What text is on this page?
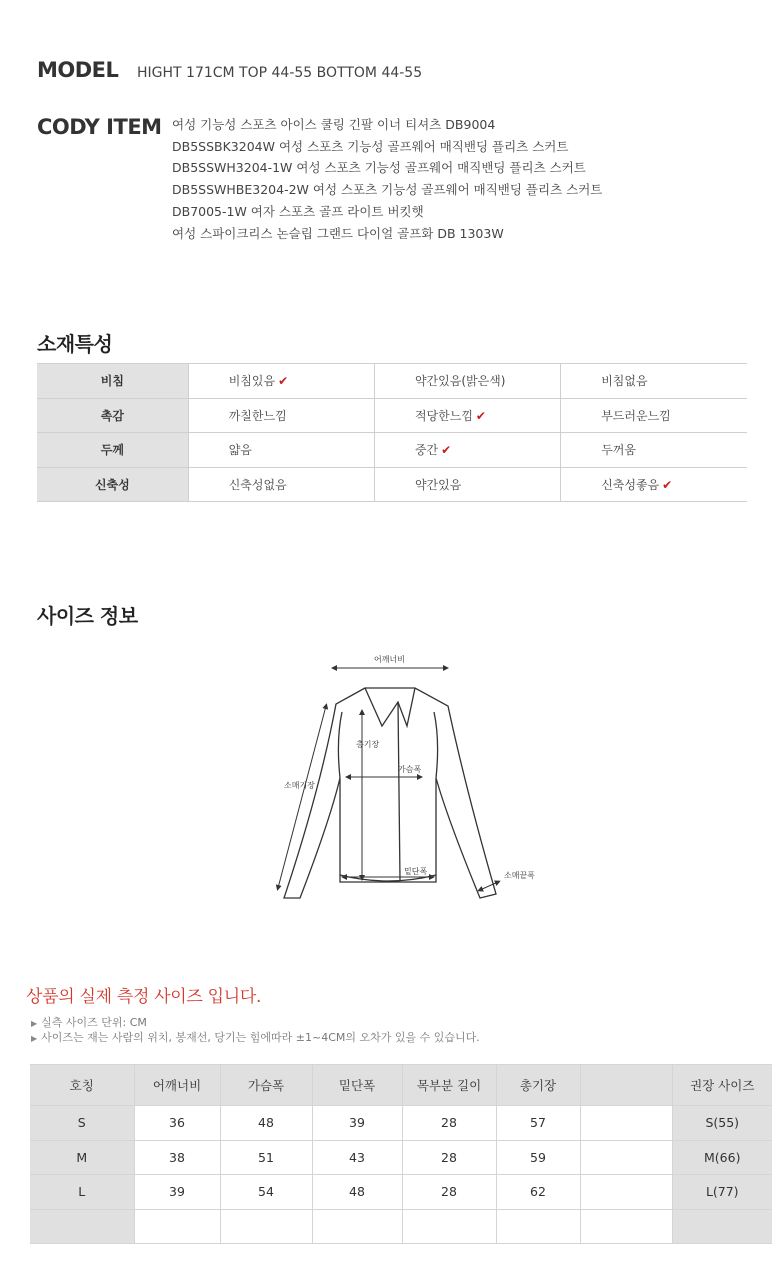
MODEL	HIGHT 171CM TOP 44-55 BOTTOM 44-55
CODY ITEM 여성 기능성 스포츠 아이스 쿨링 긴팔 이너 티셔츠 DB9004
DB5SSBK3204W 여성 스포츠 기능성 골프웨어 매직밴딩 플리츠 스커트
DB5SSWH3204-1W 여성 스포츠 기능성 골프웨어 매직밴딩 플리츠 스커트
DB5SSWHBE3204-2W 여성 스포츠 기능성 골프웨어 매직밴딩 플리츠 스커트
DB7005-1W 여자 스포츠 골프 라이트 버킷햇
여성 스파이크리스 논슬립 그랜드 다이얼 골프화 DB 1303W
소재특성
비침	비침있음 ✔	약간있음(밝은색)	비침없음
촉감	까칠한느낌	적당한느낌 ✔	부드러운느낌
두께	얇음	중간 ✔	두꺼움
신축성	신축성없음	약간있음	신축성좋음 ✔
사이즈 정보
어깨너비
총기장
가슴폭
소매기장
밑단폭	소매끝폭
상품의 실제 측정 사이즈 입니다.
▶ 실측 사이즈 단위: CM
▶ 사이즈는 재는 사람의 위치, 봉재선, 당기는 힘에따라 ±1~4CM의 오차가 있을 수 있습니다.
호칭	어깨너비	가슴폭	밑단폭	목부분 길이	총기장		권장 사이즈
S	36	48	39	28	57		S(55)
M	38	51	43	28	59		M(66)
L	39	54	48	28	62		L(77)
